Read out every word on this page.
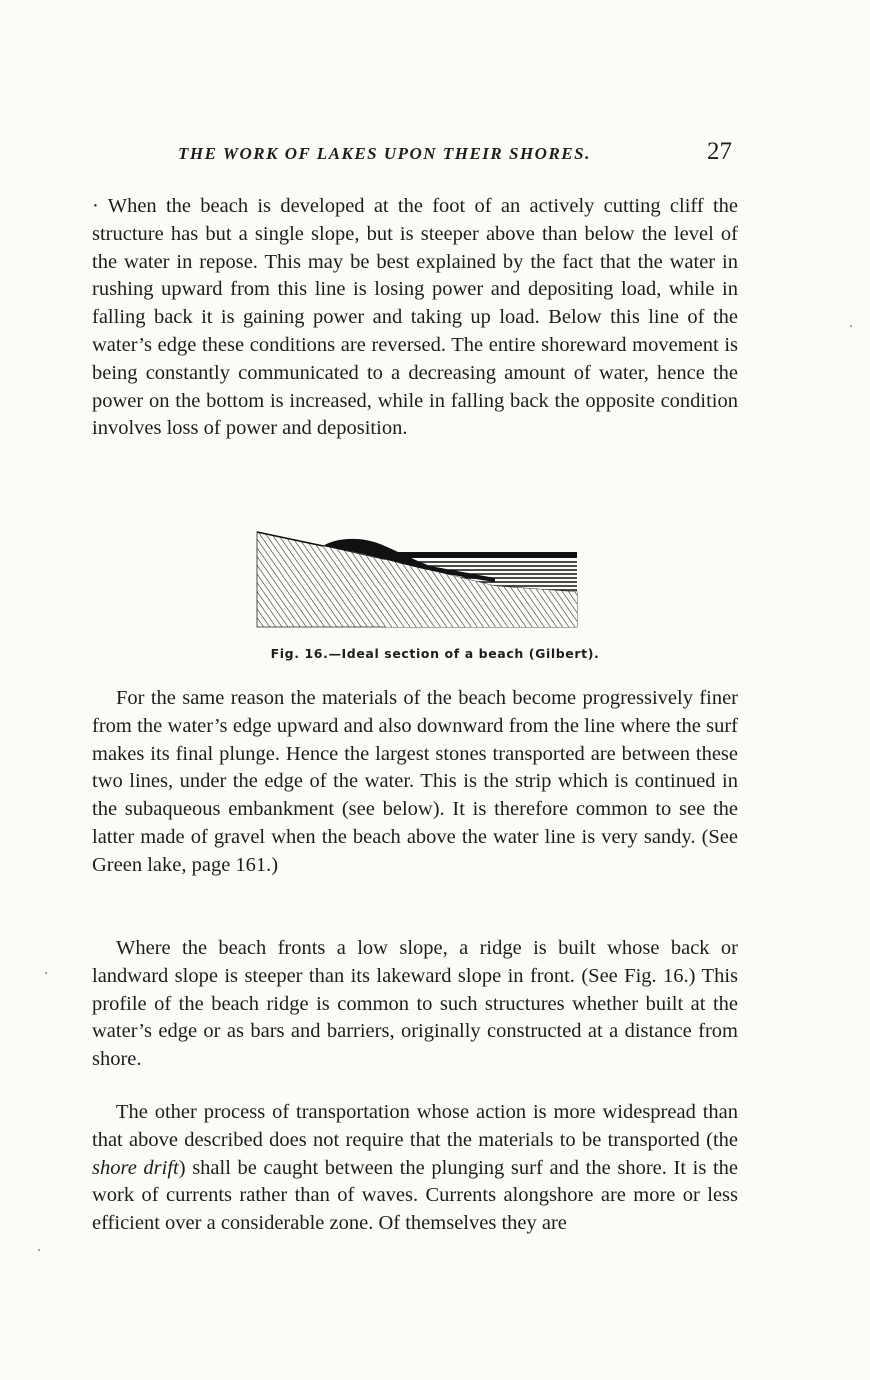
THE WORK OF LAKES UPON THEIR SHORES.	27

· When the beach is developed at the foot of an actively cutting cliff the structure has but a single slope, but is steeper above than below the level of the water in repose. This may be best explained by the fact that the water in rushing upward from this line is losing power and depositing load, while in falling back it is gaining power and taking up load. Below this line of the water’s edge these conditions are reversed. The entire shoreward movement is being constantly communicated to a decreasing amount of water, hence the power on the bottom is increased, while in falling back the opposite condition involves loss of power and deposition.

Fig. 16.—Ideal section of a beach (Gilbert).

For the same reason the materials of the beach become progressively finer from the water’s edge upward and also downward from the line where the surf makes its final plunge. Hence the largest stones transported are between these two lines, under the edge of the water. This is the strip which is continued in the subaqueous embankment (see below). It is therefore common to see the latter made of gravel when the beach above the water line is very sandy. (See Green lake, page 161.)

Where the beach fronts a low slope, a ridge is built whose back or landward slope is steeper than its lakeward slope in front. (See Fig. 16.) This profile of the beach ridge is common to such structures whether built at the water’s edge or as bars and barriers, originally constructed at a distance from shore.

The other process of transportation whose action is more widespread than that above described does not require that the materials to be transported (the shore drift) shall be caught between the plunging surf and the shore. It is the work of currents rather than of waves. Currents alongshore are more or less efficient over a considerable zone. Of themselves they are
